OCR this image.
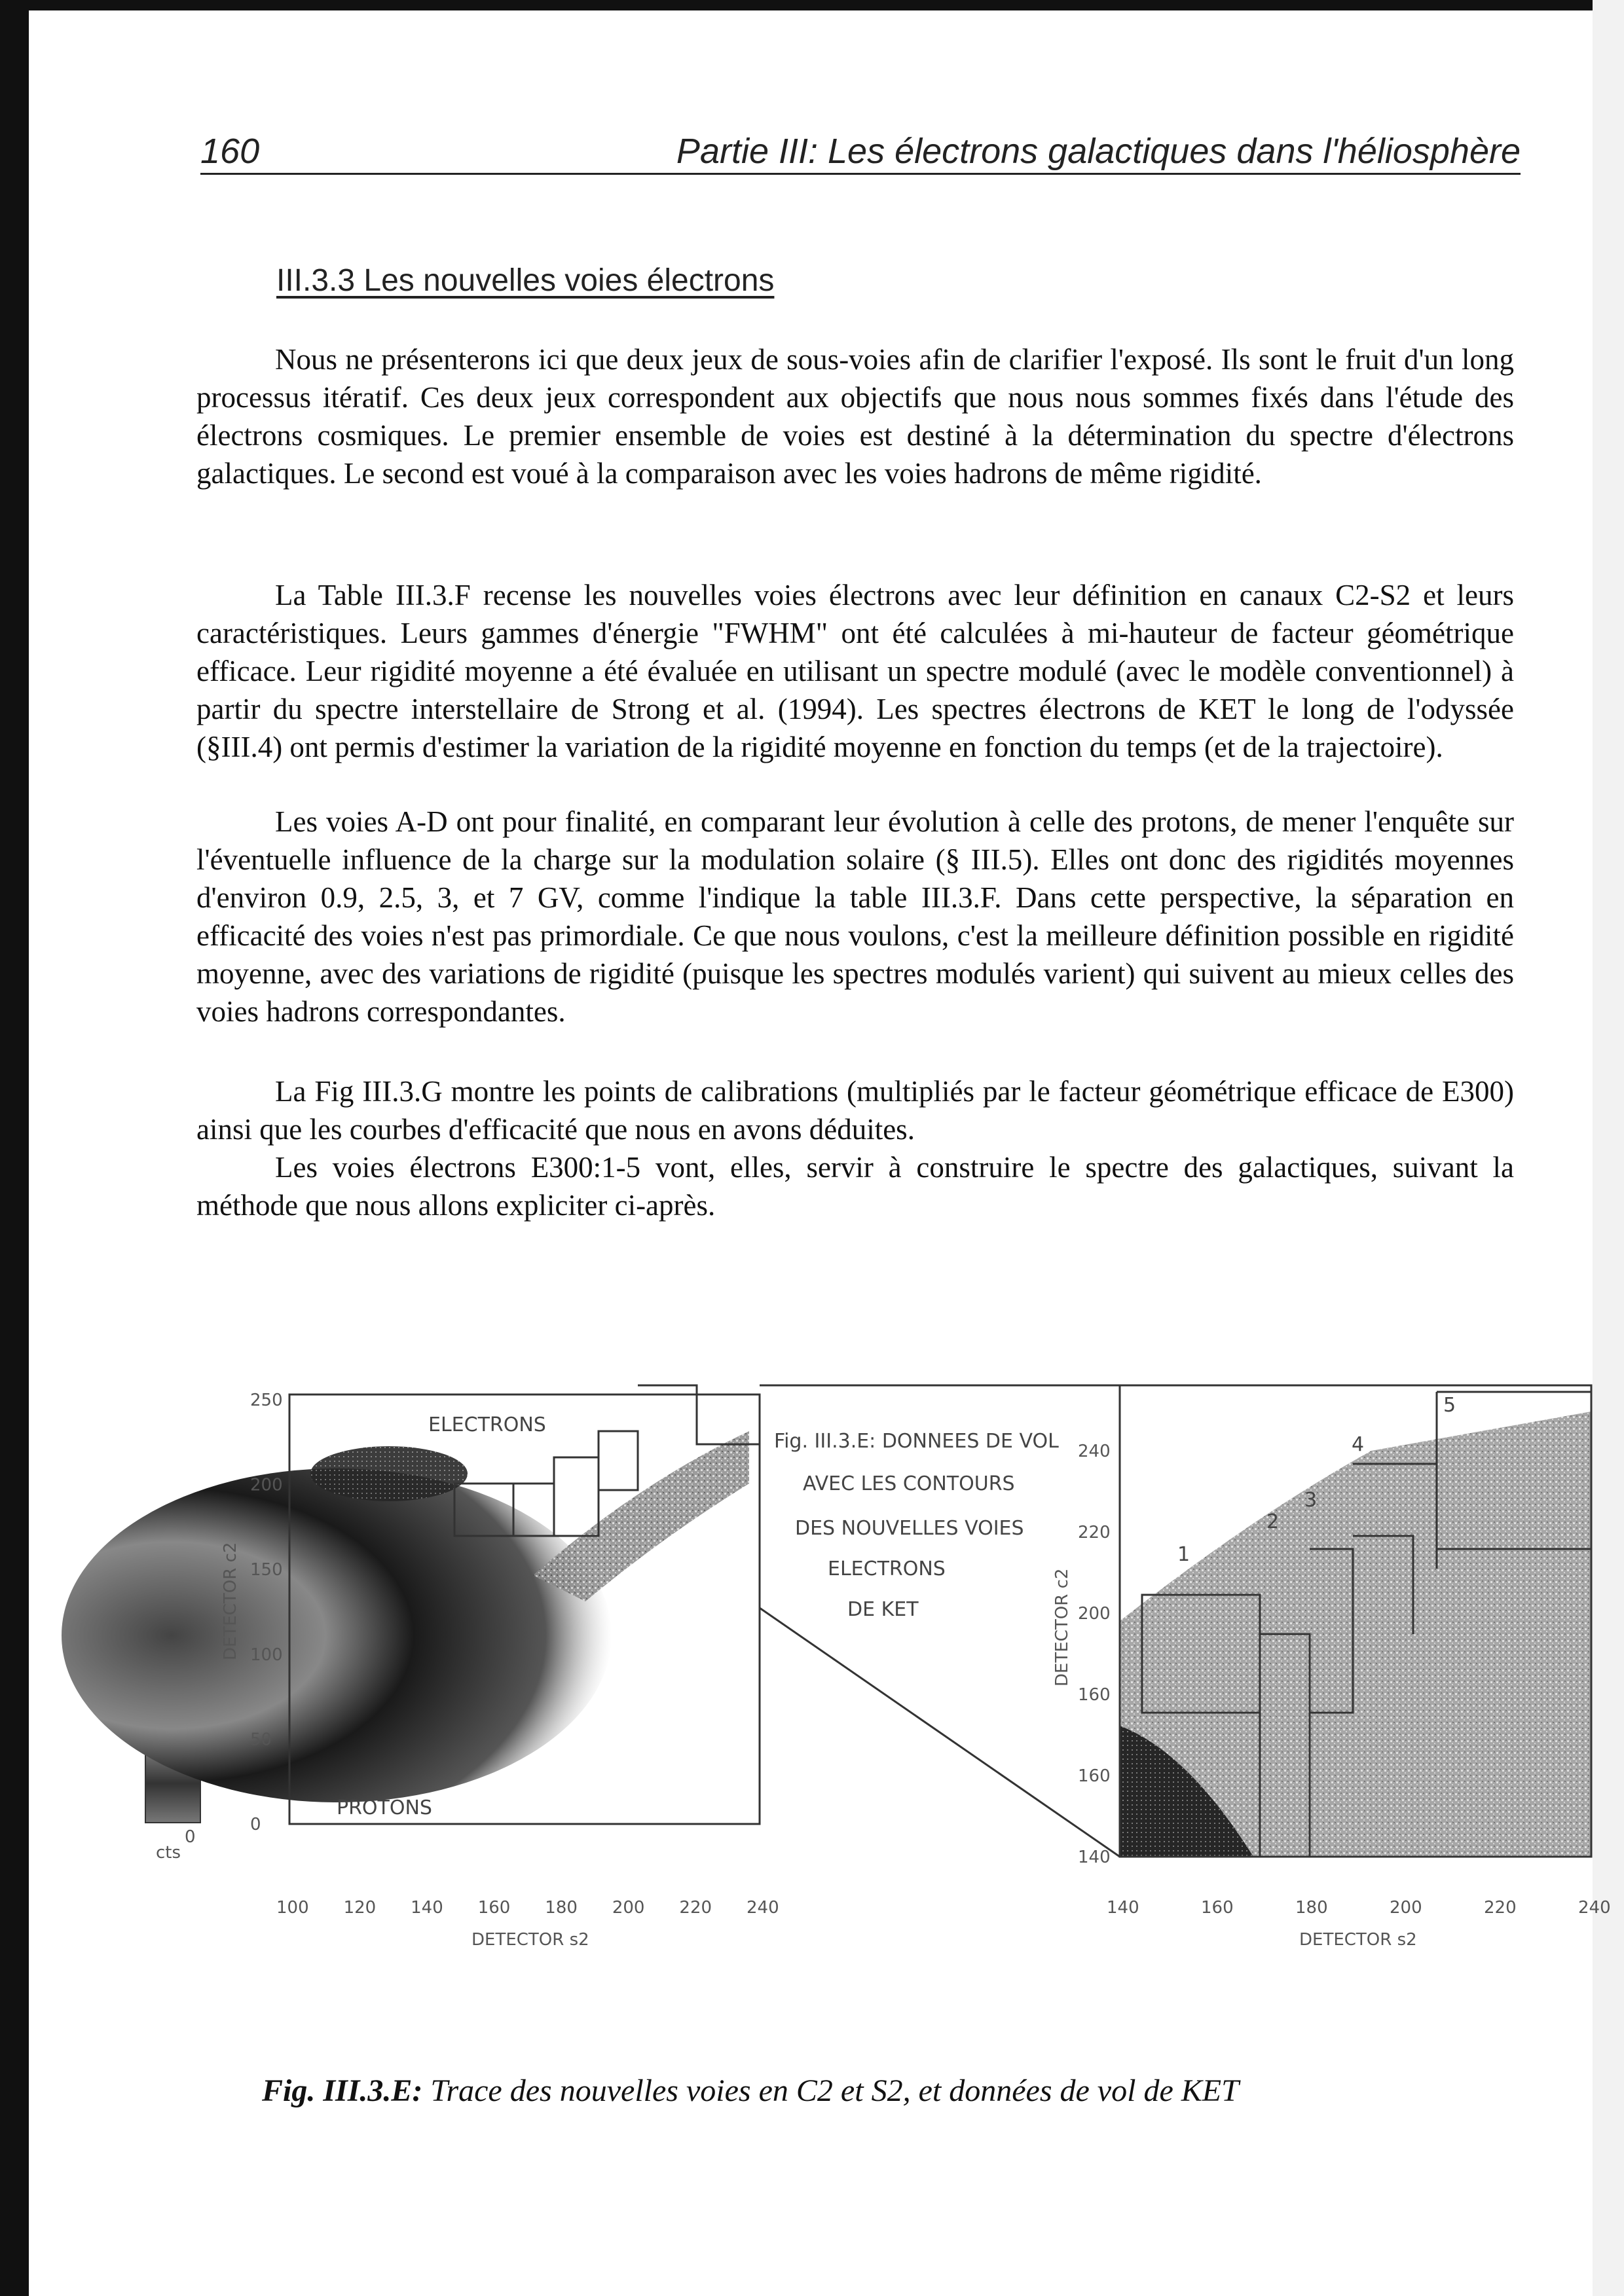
160	Partie III: Les électrons galactiques dans l'héliosphère
III.3.3 Les nouvelles voies électrons

Nous ne présenterons ici que deux jeux de sous-voies afin de clarifier l'exposé. Ils sont le fruit d'un long processus itératif. Ces deux jeux correspondent aux objectifs que nous nous sommes fixés dans l'étude des électrons cosmiques. Le premier ensemble de voies est destiné à la détermination du spectre d'électrons galactiques. Le second est voué à la comparaison avec les voies hadrons de même rigidité.

La Table III.3.F recense les nouvelles voies électrons avec leur définition en canaux C2-S2 et leurs caractéristiques. Leurs gammes d'énergie "FWHM" ont été calculées à mi-hauteur de facteur géométrique efficace. Leur rigidité moyenne a été évaluée en utilisant un spectre modulé (avec le modèle conventionnel) à partir du spectre interstellaire de Strong et al. (1994). Les spectres électrons de KET le long de l'odyssée (§III.4) ont permis d'estimer la variation de la rigidité moyenne en fonction du temps (et de la trajectoire).

Les voies A-D ont pour finalité, en comparant leur évolution à celle des protons, de mener l'enquête sur l'éventuelle influence de la charge sur la modulation solaire (§ III.5). Elles ont donc des rigidités moyennes d'environ 0.9, 2.5, 3, et 7 GV, comme l'indique la table III.3.F. Dans cette perspective, la séparation en efficacité des voies n'est pas primordiale. Ce que nous voulons, c'est la meilleure définition possible en rigidité moyenne, avec des variations de rigidité (puisque les spectres modulés varient) qui suivent au mieux celles des voies hadrons correspondantes.

La Fig III.3.G montre les points de calibrations (multipliés par le facteur géométrique efficace de E300) ainsi que les courbes d'efficacité que nous en avons déduites.

Les voies électrons E300:1-5 vont, elles, servir à construire le spectre des galactiques, suivant la méthode que nous allons expliciter ci-après.

0
cts
ELECTRONS
PROTONS
100 120 140 160 180 200 220 240
0
50
100
150
200
250
DETECTOR s2
DETECTOR c2
Fig. III.3.E: DONNEES DE VOL
AVEC LES CONTOURS
DES NOUVELLES VOIES
ELECTRONS
DE KET
1
2
3
4
5
140	160	180	200	220	240
140
160
160
200
220
240
DETECTOR s2
DETECTOR c2
Fig. III.3.E: Trace des nouvelles voies en C2 et S2, et données de vol de KET
